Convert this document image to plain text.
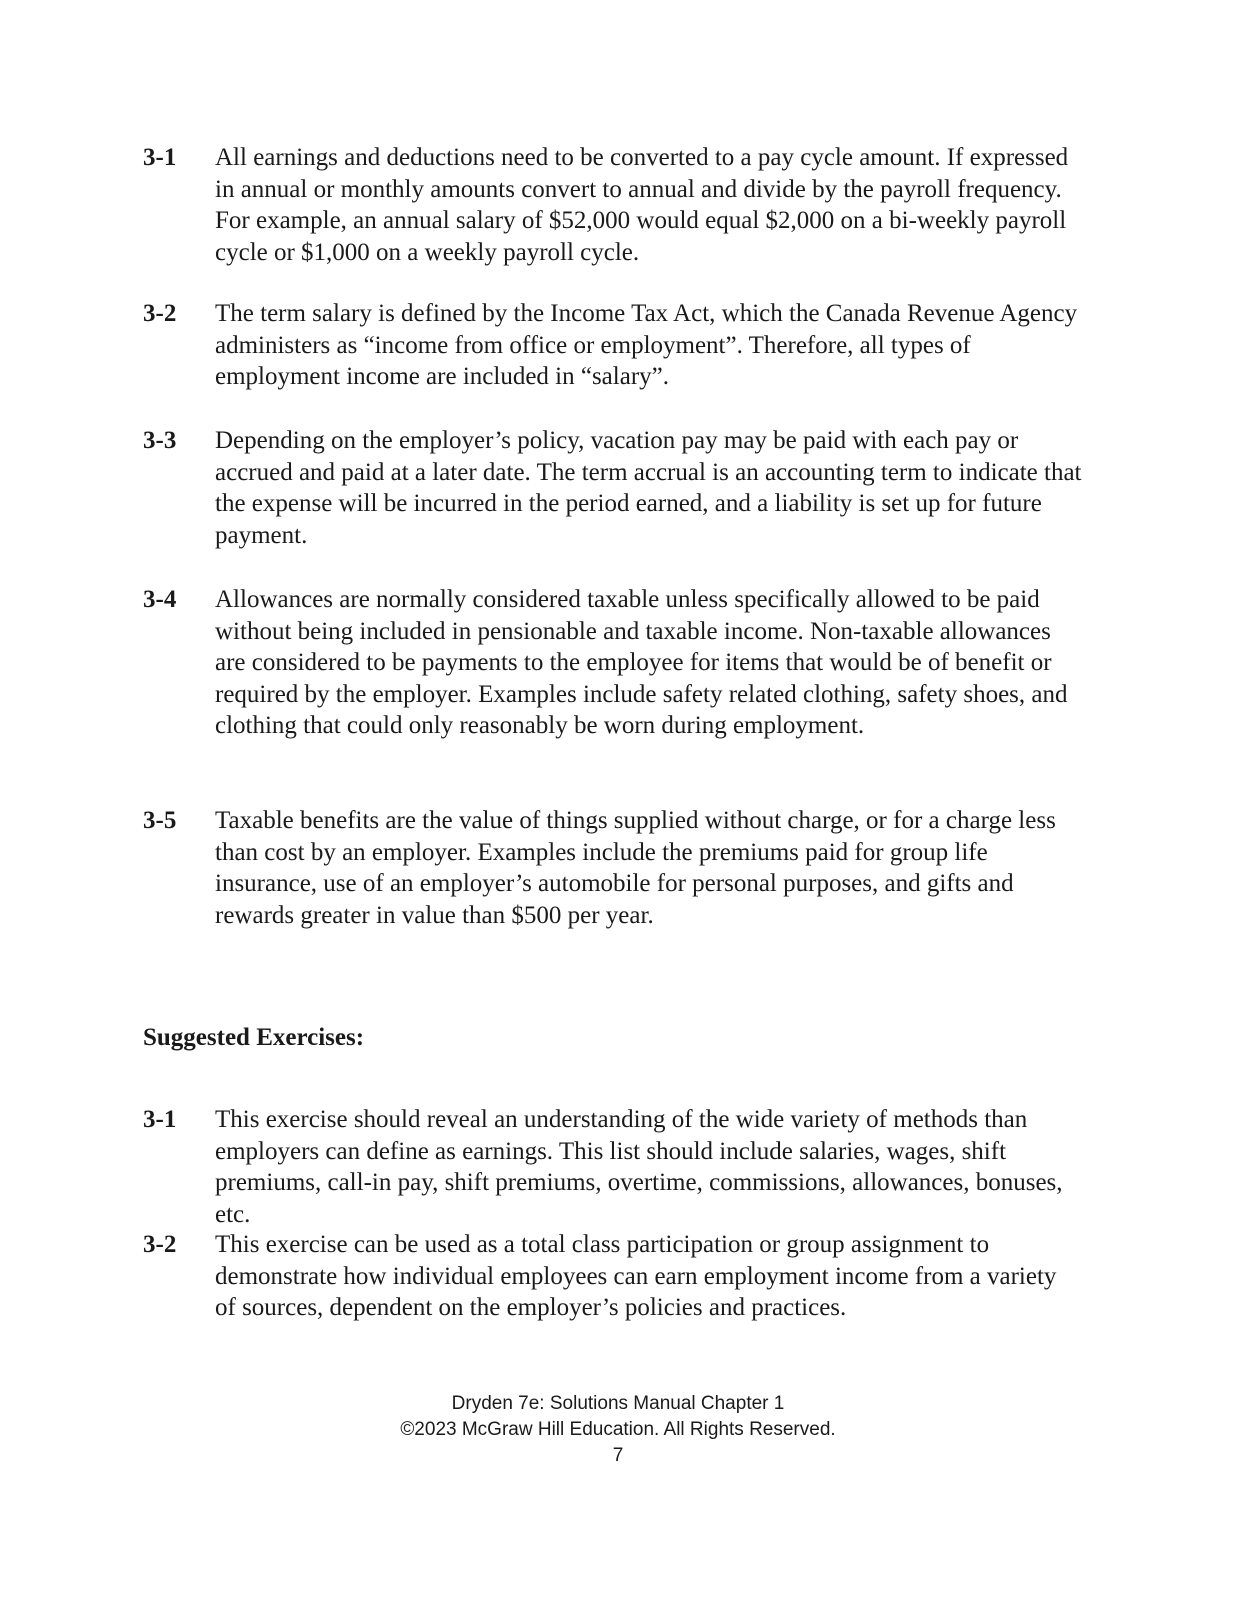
3-1	All earnings and deductions need to be converted to a pay cycle amount. If expressed in annual or monthly amounts convert to annual and divide by the payroll frequency. For example, an annual salary of $52,000 would equal $2,000 on a bi-weekly payroll cycle or $1,000 on a weekly payroll cycle.
3-2	The term salary is defined by the Income Tax Act, which the Canada Revenue Agency administers as “income from office or employment”. Therefore, all types of employment income are included in “salary”.
3-3	Depending on the employer’s policy, vacation pay may be paid with each pay or accrued and paid at a later date. The term accrual is an accounting term to indicate that the expense will be incurred in the period earned, and a liability is set up for future payment.
3-4	Allowances are normally considered taxable unless specifically allowed to be paid without being included in pensionable and taxable income. Non-taxable allowances are considered to be payments to the employee for items that would be of benefit or required by the employer. Examples include safety related clothing, safety shoes, and clothing that could only reasonably be worn during employment.
3-5	Taxable benefits are the value of things supplied without charge, or for a charge less than cost by an employer. Examples include the premiums paid for group life insurance, use of an employer’s automobile for personal purposes, and gifts and rewards greater in value than $500 per year.
Suggested Exercises:
3-1	This exercise should reveal an understanding of the wide variety of methods than employers can define as earnings. This list should include salaries, wages, shift premiums, call-in pay, shift premiums, overtime, commissions, allowances, bonuses, etc.
3-2	This exercise can be used as a total class participation or group assignment to demonstrate how individual employees can earn employment income from a variety of sources, dependent on the employer’s policies and practices.
Dryden 7e: Solutions Manual Chapter 1
©2023 McGraw Hill Education. All Rights Reserved.
7
